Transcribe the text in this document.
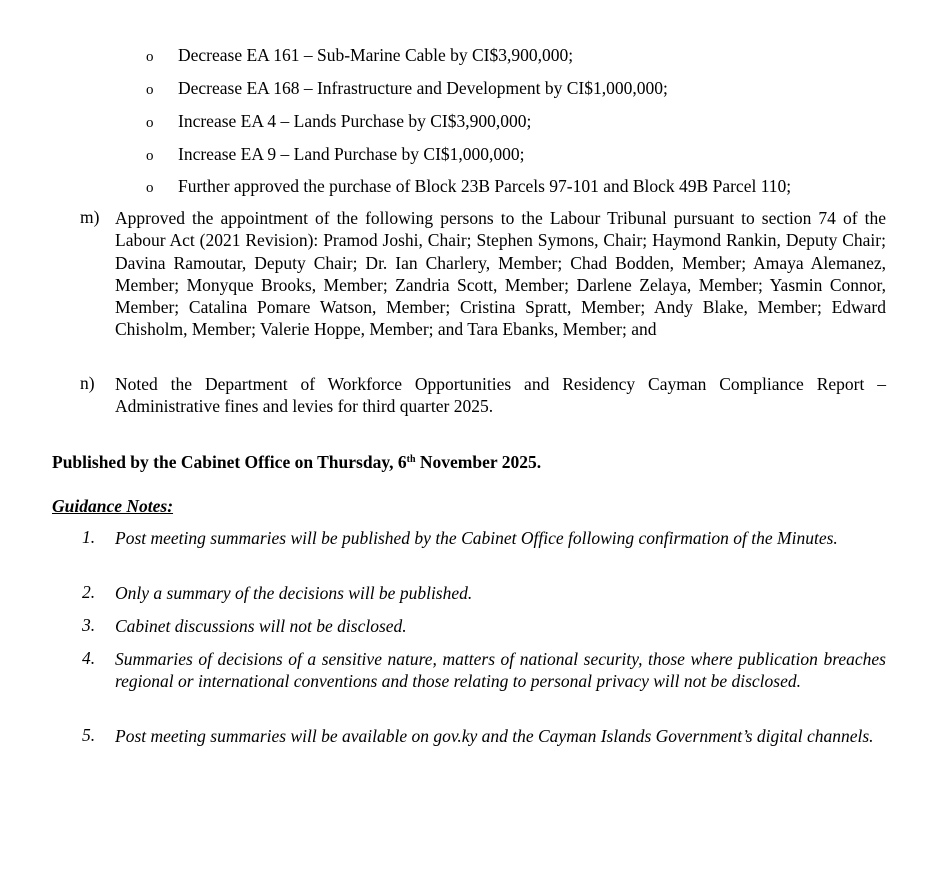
o Decrease EA 161 – Sub-Marine Cable by CI$3,900,000;
o Decrease EA 168 – Infrastructure and Development by CI$1,000,000;
o Increase EA 4 – Lands Purchase by CI$3,900,000;
o Increase EA 9 – Land Purchase by CI$1,000,000;
o Further approved the purchase of Block 23B Parcels 97-101 and Block 49B Parcel 110;
m) Approved the appointment of the following persons to the Labour Tribunal pursuant to section 74 of the Labour Act (2021 Revision): Pramod Joshi, Chair; Stephen Symons, Chair; Haymond Rankin, Deputy Chair; Davina Ramoutar, Deputy Chair; Dr. Ian Charlery, Member; Chad Bodden, Member; Amaya Alemanez, Member; Monyque Brooks, Member; Zandria Scott, Member; Darlene Zelaya, Member; Yasmin Connor, Member; Catalina Pomare Watson, Member; Cristina Spratt, Member; Andy Blake, Member; Edward Chisholm, Member; Valerie Hoppe, Member; and Tara Ebanks, Member; and
n)	Noted the Department of Workforce Opportunities and Residency Cayman Compliance Report – Administrative fines and levies for third quarter 2025.
Published by the Cabinet Office on Thursday, 6th November 2025.
Guidance Notes:
1.	Post meeting summaries will be published by the Cabinet Office following confirmation of the Minutes.
2.	Only a summary of the decisions will be published.
3.	Cabinet discussions will not be disclosed.
4.	Summaries of decisions of a sensitive nature, matters of national security, those where publication breaches regional or international conventions and those relating to personal privacy will not be disclosed.
5.	Post meeting summaries will be available on gov.ky and the Cayman Islands Government’s digital channels.
